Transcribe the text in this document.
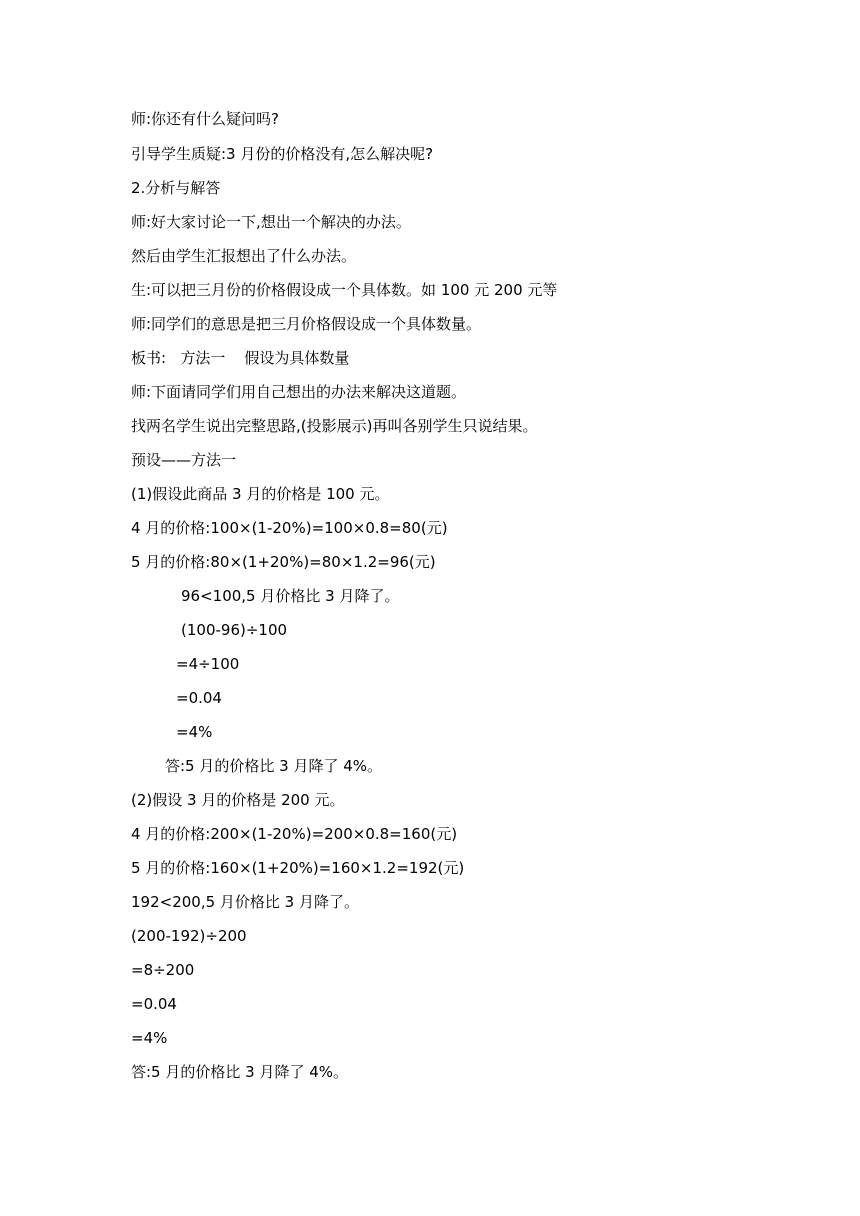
师:你还有什么疑问吗?
引导学生质疑:3 月份的价格没有,怎么解决呢?
2.分析与解答
师:好大家讨论一下,想出一个解决的办法。
然后由学生汇报想出了什么办法。
生:可以把三月份的价格假设成一个具体数。如 100 元 200 元等
师:同学们的意思是把三月价格假设成一个具体数量。
板书:   方法一    假设为具体数量
师:下面请同学们用自己想出的办法来解决这道题。
找两名学生说出完整思路,(投影展示)再叫各别学生只说结果。
预设——方法一
(1)假设此商品 3 月的价格是 100 元。
4 月的价格:100×(1-20%)=100×0.8=80(元)
5 月的价格:80×(1+20%)=80×1.2=96(元)
96<100,5 月价格比 3 月降了。
(100-96)÷100
=4÷100
=0.04
=4%
答:5 月的价格比 3 月降了 4%。
(2)假设 3 月的价格是 200 元。
4 月的价格:200×(1-20%)=200×0.8=160(元)
5 月的价格:160×(1+20%)=160×1.2=192(元)
192<200,5 月价格比 3 月降了。
(200-192)÷200
=8÷200
=0.04
=4%
答:5 月的价格比 3 月降了 4%。
